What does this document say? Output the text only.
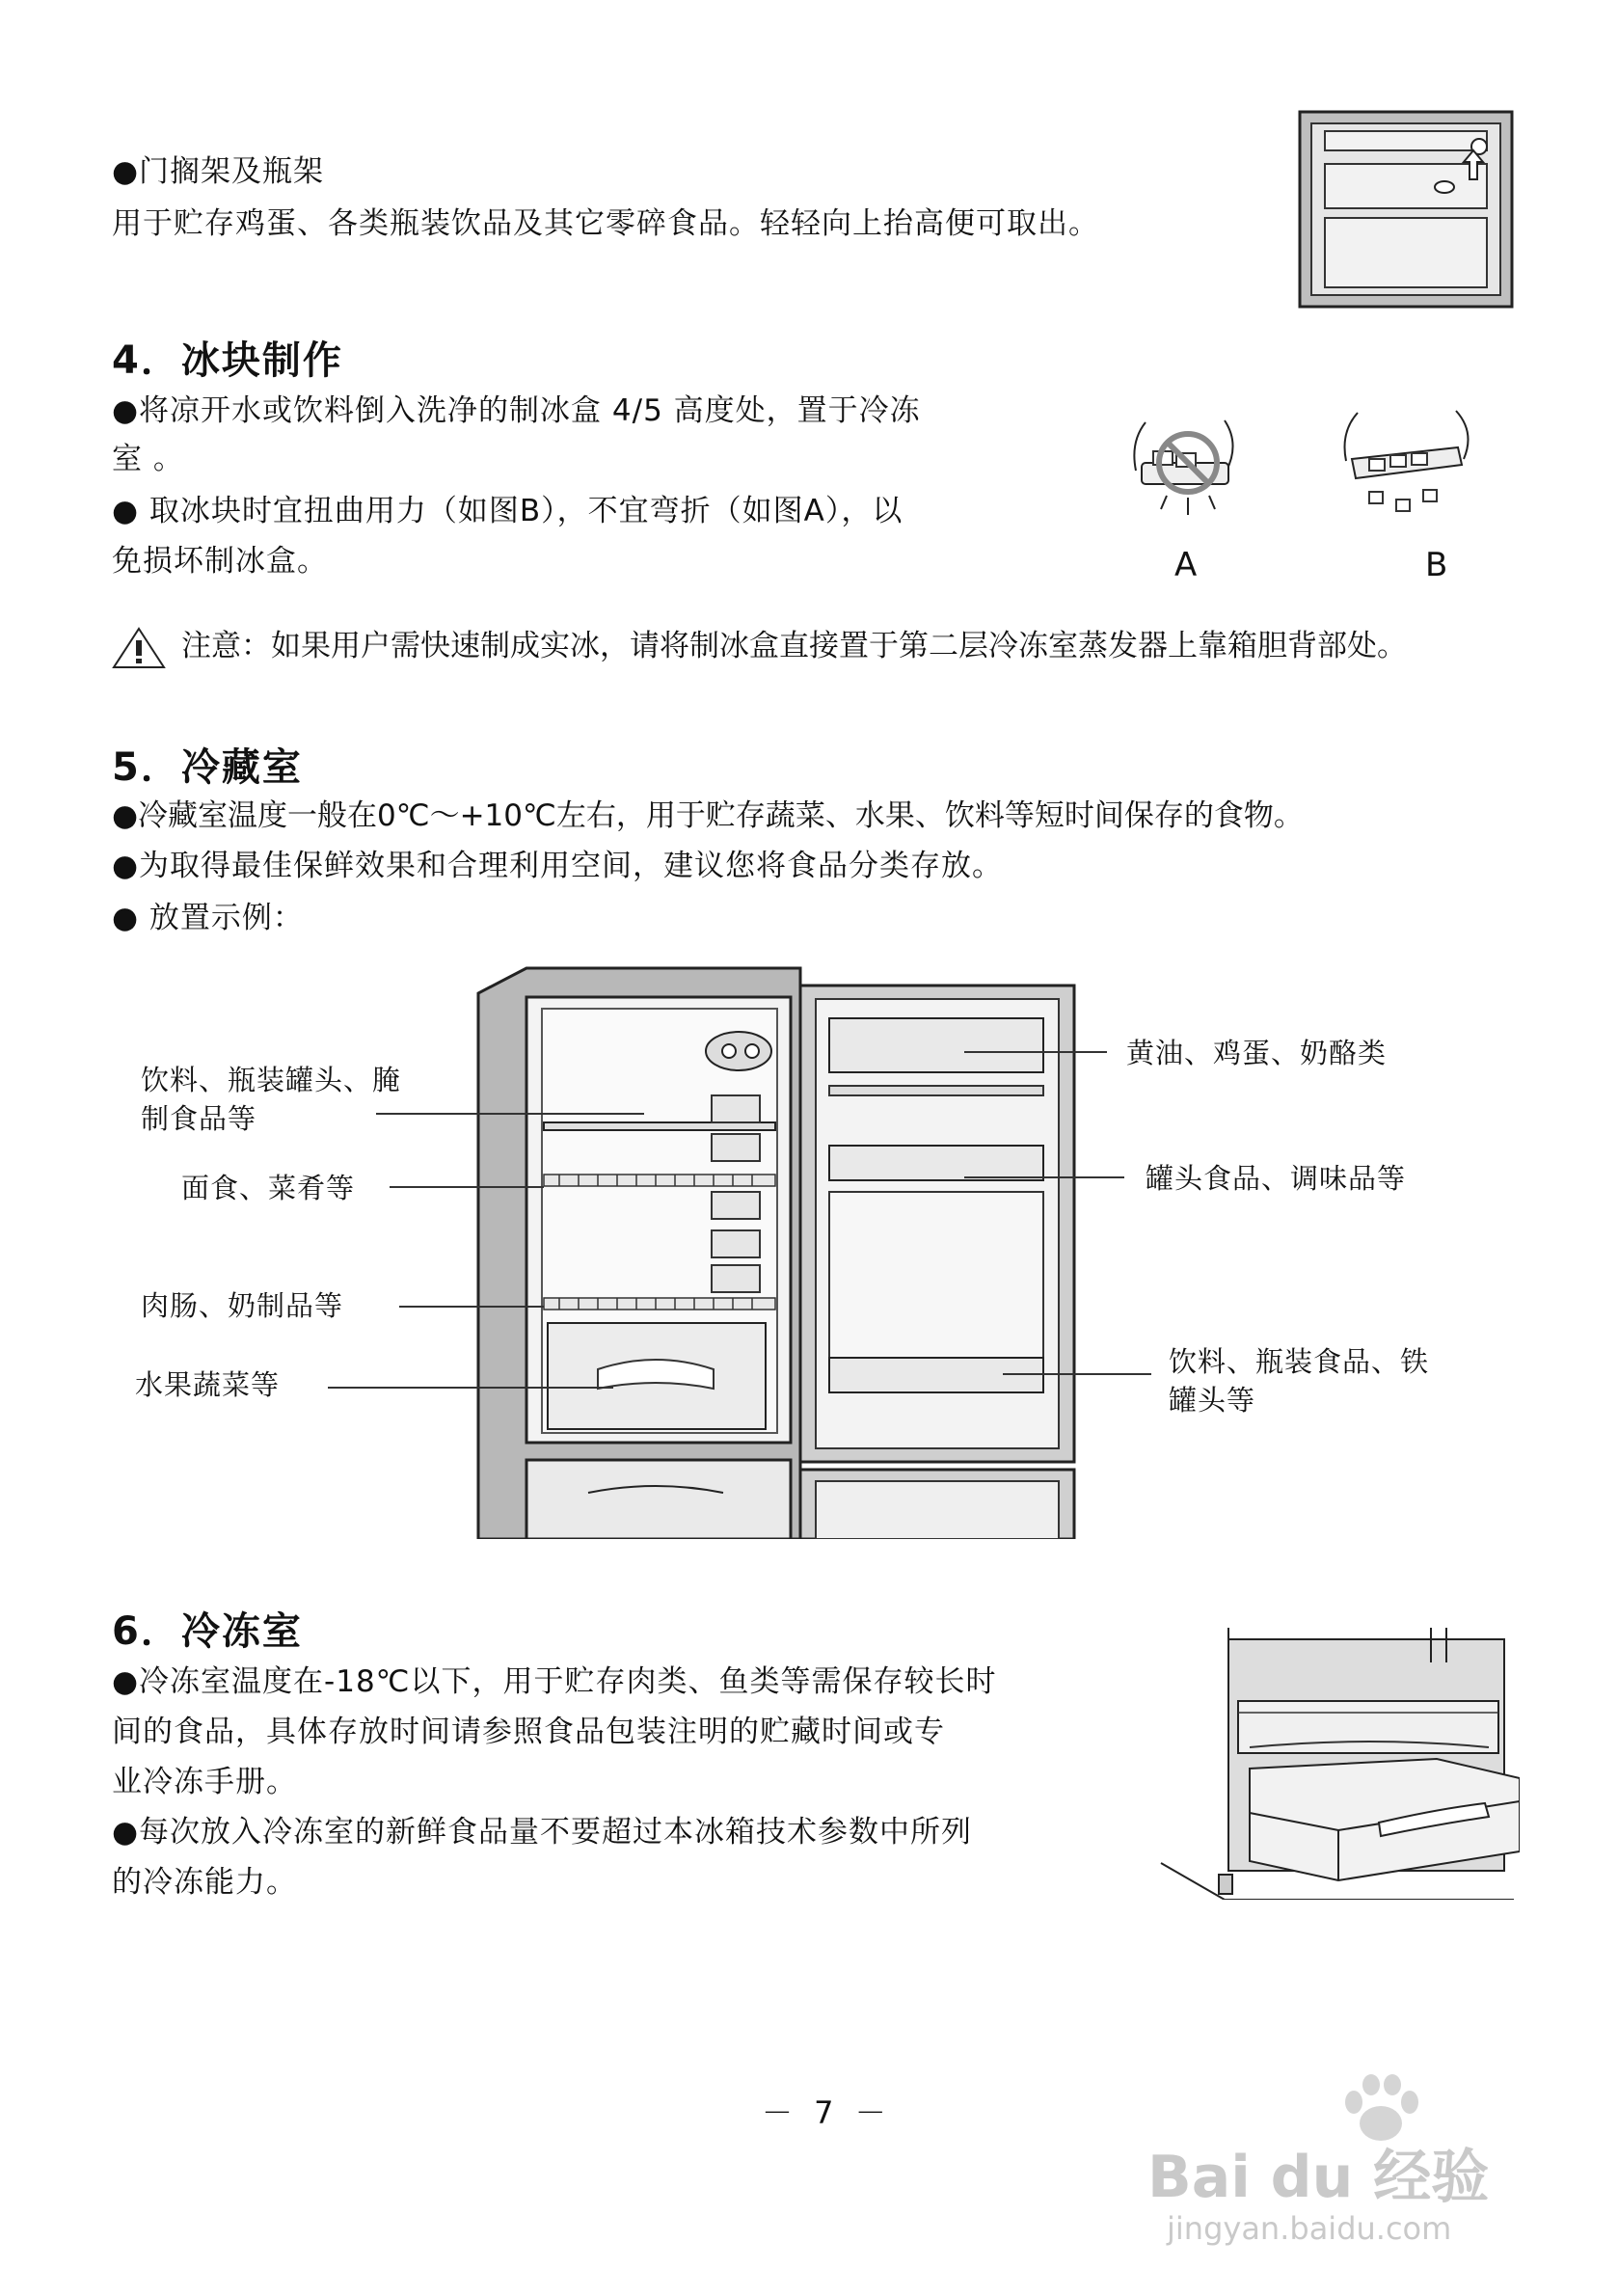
●门搁架及瓶架
用于贮存鸡蛋、各类瓶装饮品及其它零碎食品。轻轻向上抬高便可取出。
4．冰块制作
●将凉开水或饮料倒入洗净的制冰盒 4/5 高度处，置于冷冻
室 。
● 取冰块时宜扭曲用力（如图B），不宜弯折（如图A），以
免损坏制冰盒。	A	B
注意：如果用户需快速制成实冰，请将制冰盒直接置于第二层冷冻室蒸发器上靠箱胆背部处。
5．冷藏室
●冷藏室温度一般在0℃～+10℃左右，用于贮存蔬菜、水果、饮料等短时间保存的食物。
●为取得最佳保鲜效果和合理利用空间，建议您将食品分类存放。
● 放置示例：
饮料、瓶装罐头、腌
制食品等
面食、菜肴等
肉肠、奶制品等
水果蔬菜等
黄油、鸡蛋、奶酪类
罐头食品、调味品等
饮料、瓶装食品、铁
罐头等
6．冷冻室
●冷冻室温度在-18℃以下，用于贮存肉类、鱼类等需保存较长时
间的食品，具体存放时间请参照食品包装注明的贮藏时间或专
业冷冻手册。
●每次放入冷冻室的新鲜食品量不要超过本冰箱技术参数中所列
的冷冻能力。
－ 7 －
Bai du 经验
jingyan.baidu.com
